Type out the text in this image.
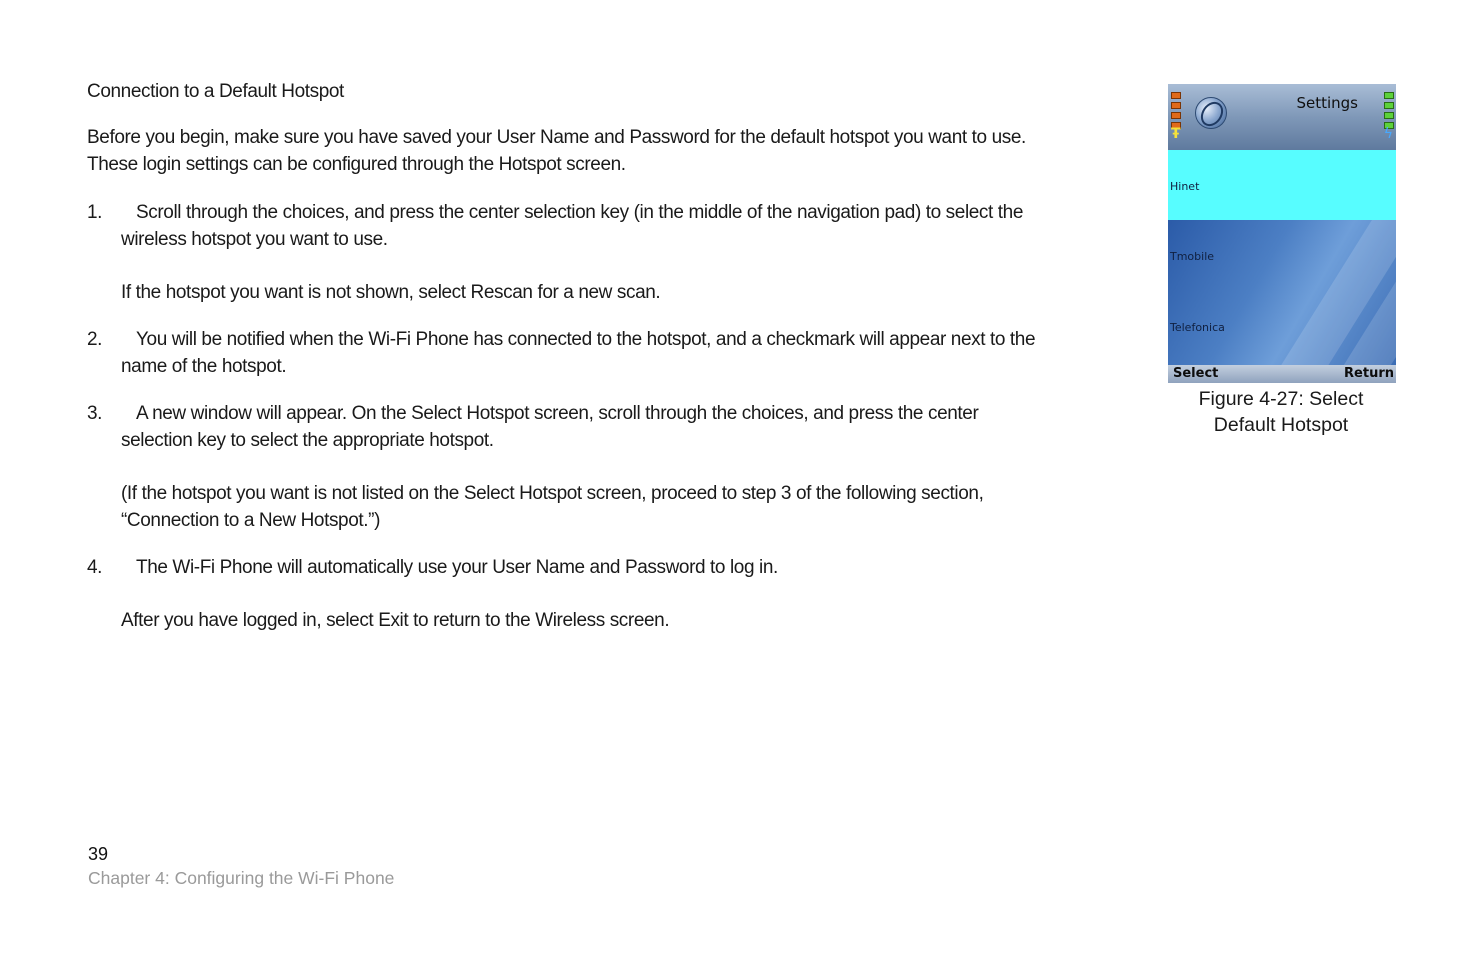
Connection to a Default Hotspot

Before you begin, make sure you have saved your User Name and Password for the default hotspot you want to use. These login settings can be configured through the Hotspot screen.

1.	Scroll through the choices, and press the center selection key (in the middle of the navigation pad) to select the wireless hotspot you want to use.
If the hotspot you want is not shown, select Rescan for a new scan.
2.	You will be notified when the Wi-Fi Phone has connected to the hotspot, and a checkmark will appear next to the name of the hotspot.
3.	A new window will appear. On the Select Hotspot screen, scroll through the choices, and press the center selection key to select the appropriate hotspot.
(If the hotspot you want is not listed on the Select Hotspot screen, proceed to step 3 of the following section, “Connection to a New Hotspot.”)
4.	The Wi-Fi Phone will automatically use your User Name and Password to log in.
After you have logged in, select Exit to return to the Wireless screen.
Ŧ
Settings
ϟ
Hinet
Tmobile
Telefonica
Select	Return
Figure 4-27: Select
Default Hotspot
39
Chapter 4: Configuring the Wi-Fi Phone
